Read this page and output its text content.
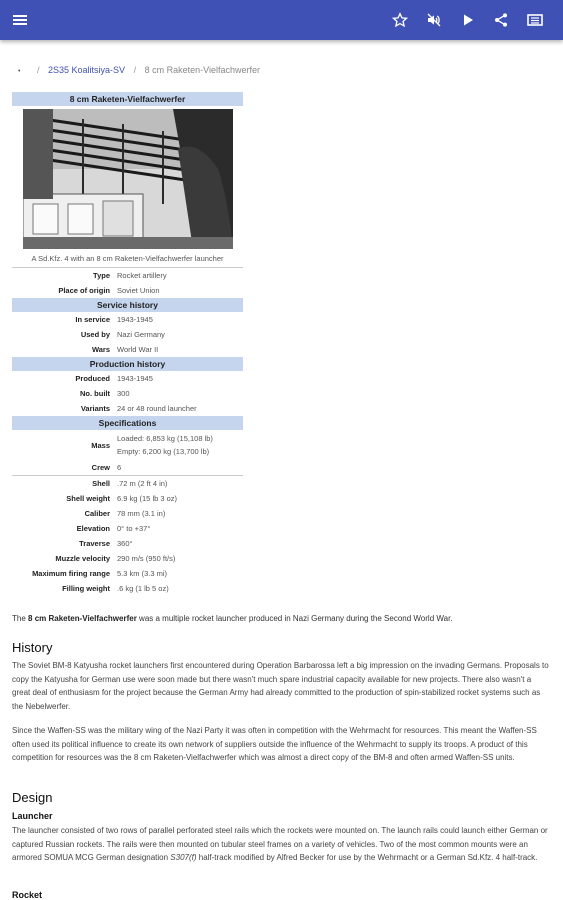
• / 2S35 Koalitsiya-SV / 8 cm Raketen-Vielfachwerfer
8 cm Raketen-Vielfachwerfer
A Sd.Kfz. 4 with an 8 cm Raketen-Vielfachwerfer launcher
Type Rocket artillery
Place of origin Soviet Union
Service history
In service 1943-1945
Used by Nazi Germany
Wars World War II
Production history
Produced 1943-1945
No. built 300
Variants 24 or 48 round launcher
Specifications
Mass
Loaded: 6,853 kg (15,108 lb)
Empty: 6,200 kg (13,700 lb)
Crew 6
Shell .72 m (2 ft 4 in)
Shell weight 6.9 kg (15 lb 3 oz)
Caliber 78 mm (3.1 in)
Elevation 0° to +37°
Traverse 360°
Muzzle velocity 290 m/s (950 ft/s)
Maximum firing range 5.3 km (3.3 mi)
Filling weight .6 kg (1 lb 5 oz)
The 8 cm Raketen-Vielfachwerfer was a multiple rocket launcher produced in Nazi Germany during the Second World War.
History
The Soviet BM-8 Katyusha rocket launchers first encountered during Operation Barbarossa left a big impression on the invading Germans. Proposals to copy the Katyusha for German use were soon made but there wasn't much spare industrial capacity available for new projects. There also wasn't a great deal of enthusiasm for the project because the German Army had already committed to the production of spin-stabilized rocket systems such as the Nebelwerfer.
Since the Waffen-SS was the military wing of the Nazi Party it was often in competition with the Wehrmacht for resources. This meant the Waffen-SS often used its political influence to create its own network of suppliers outside the influence of the Wehrmacht to supply its troops. A product of this competition for resources was the 8 cm Raketen-Vielfachwerfer which was almost a direct copy of the BM-8 and often armed Waffen-SS units.
Design
Launcher
The launcher consisted of two rows of parallel perforated steel rails which the rockets were mounted on. The launch rails could launch either German or captured Russian rockets. The rails were then mounted on tubular steel frames on a variety of vehicles. Two of the most common mounts were an armored SOMUA MCG German designation S307(f) half-track modified by Alfred Becker for use by the Wehrmacht or a German Sd.Kfz. 4 half-track.
Rocket
